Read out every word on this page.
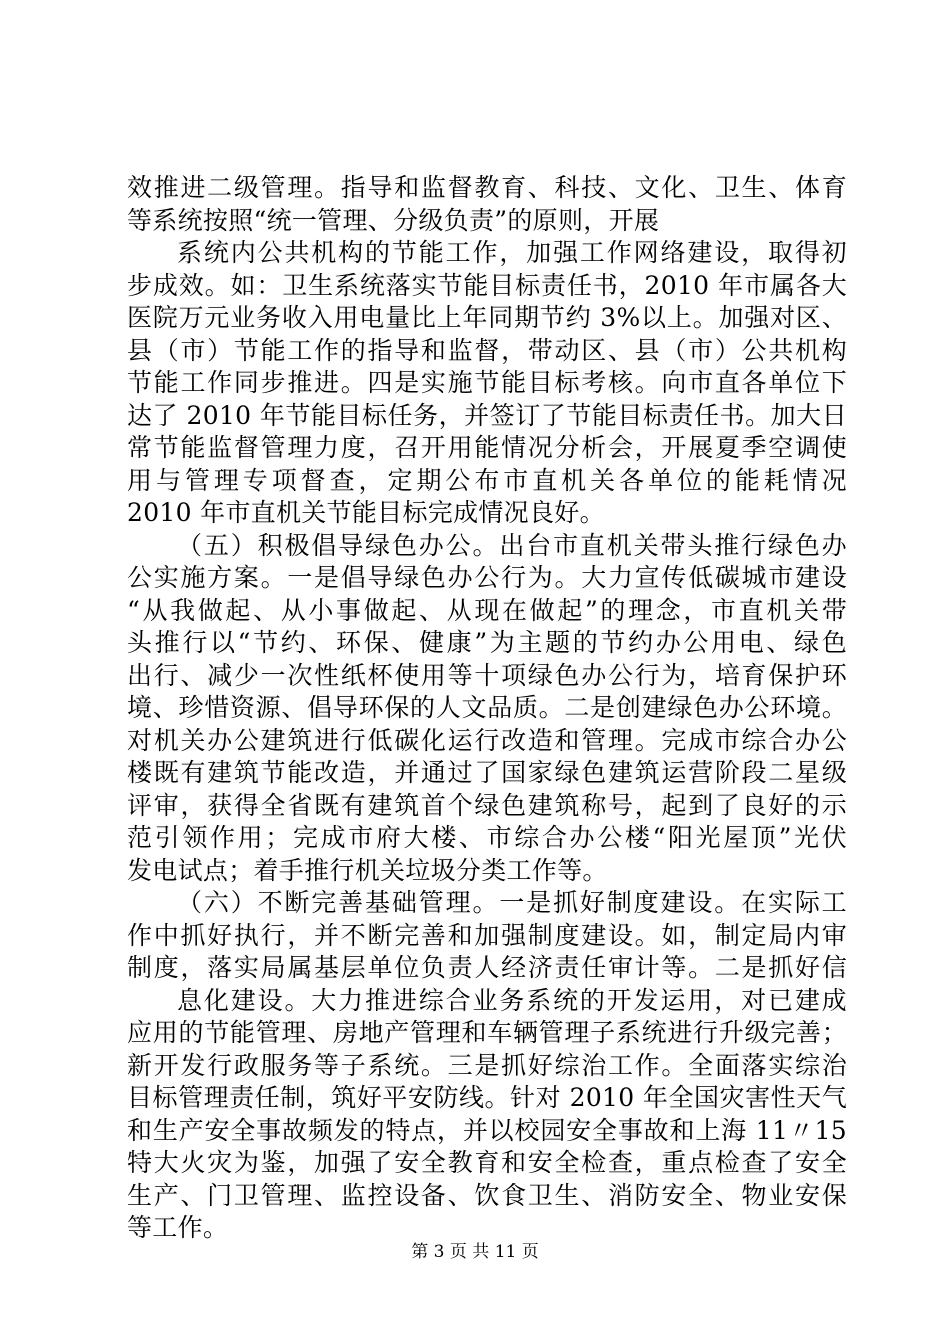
效推进二级管理。指导和监督教育、科技、文化、卫生、体育
等系统按照“统一管理、分级负责”的原则，开展
系统内公共机构的节能工作，加强工作网络建设，取得初
步成效。如：卫生系统落实节能目标责任书，2010 年市属各大
医院万元业务收入用电量比上年同期节约 3%以上。加强对区、
县（市）节能工作的指导和监督，带动区、县（市）公共机构
节能工作同步推进。四是实施节能目标考核。向市直各单位下
达了 2010 年节能目标任务，并签订了节能目标责任书。加大日
常节能监督管理力度，召开用能情况分析会，开展夏季空调使
用与管理专项督查，定期公布市直机关各单位的能耗情况
2010 年市直机关节能目标完成情况良好。
（五）积极倡导绿色办公。出台市直机关带头推行绿色办
公实施方案。一是倡导绿色办公行为。大力宣传低碳城市建设
“从我做起、从小事做起、从现在做起”的理念，市直机关带
头推行以“节约、环保、健康”为主题的节约办公用电、绿色
出行、减少一次性纸杯使用等十项绿色办公行为，培育保护环
境、珍惜资源、倡导环保的人文品质。二是创建绿色办公环境。
对机关办公建筑进行低碳化运行改造和管理。完成市综合办公
楼既有建筑节能改造，并通过了国家绿色建筑运营阶段二星级
评审，获得全省既有建筑首个绿色建筑称号，起到了良好的示
范引领作用；完成市府大楼、市综合办公楼“阳光屋顶”光伏
发电试点；着手推行机关垃圾分类工作等。
（六）不断完善基础管理。一是抓好制度建设。在实际工
作中抓好执行，并不断完善和加强制度建设。如，制定局内审
制度，落实局属基层单位负责人经济责任审计等。二是抓好信
息化建设。大力推进综合业务系统的开发运用，对已建成
应用的节能管理、房地产管理和车辆管理子系统进行升级完善；
新开发行政服务等子系统。三是抓好综治工作。全面落实综治
目标管理责任制，筑好平安防线。针对 2010 年全国灾害性天气
和生产安全事故频发的特点，并以校园安全事故和上海 11〃15
特大火灾为鉴，加强了安全教育和安全检查，重点检查了安全
生产、门卫管理、监控设备、饮食卫生、消防安全、物业安保
等工作。
第 3 页 共 11 页
